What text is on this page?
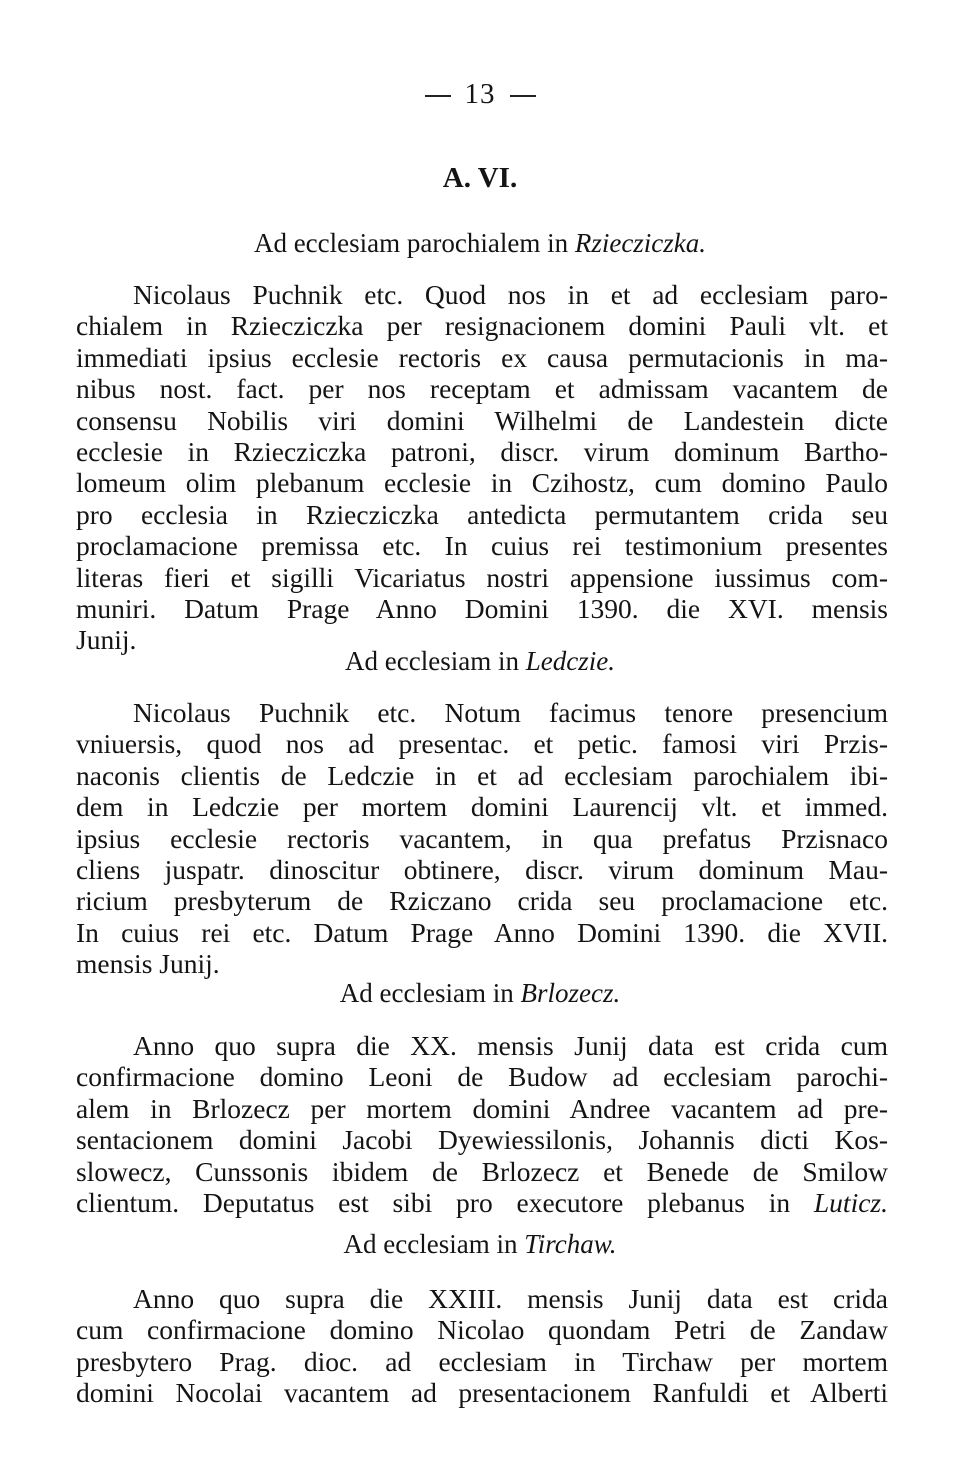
13
A. VI.
Ad ecclesiam parochialem in Rziecziczka.
Nicolaus Puchnik etc. Quod nos in et ad ecclesiam paro-
chialem in Rziecziczka per resignacionem domini Pauli vlt. et
immediati ipsius ecclesie rectoris ex causa permutacionis in ma-
nibus nost. fact. per nos receptam et admissam vacantem de
consensu Nobilis viri domini Wilhelmi de Landestein dicte
ecclesie in Rziecziczka patroni, discr. virum dominum Bartho-
lomeum olim plebanum ecclesie in Czihostz, cum domino Paulo
pro ecclesia in Rziecziczka antedicta permutantem crida seu
proclamacione premissa etc. In cuius rei testimonium presentes
literas fieri et sigilli Vicariatus nostri appensione iussimus com-
muniri. Datum Prage Anno Domini 1390. die XVI. mensis
Junij.
Ad ecclesiam in Ledczie.
Nicolaus Puchnik etc. Notum facimus tenore presencium
vniuersis, quod nos ad presentac. et petic. famosi viri Przis-
naconis clientis de Ledczie in et ad ecclesiam parochialem ibi-
dem in Ledczie per mortem domini Laurencij vlt. et immed.
ipsius ecclesie rectoris vacantem, in qua prefatus Przisnaco
cliens juspatr. dinoscitur obtinere, discr. virum dominum Mau-
ricium presbyterum de Rziczano crida seu proclamacione etc.
In cuius rei etc. Datum Prage Anno Domini 1390. die XVII.
mensis Junij.
Ad ecclesiam in Brlozecz.
Anno quo supra die XX. mensis Junij data est crida cum
confirmacione domino Leoni de Budow ad ecclesiam parochi-
alem in Brlozecz per mortem domini Andree vacantem ad pre-
sentacionem domini Jacobi Dyewiessilonis, Johannis dicti Kos-
slowecz, Cunssonis ibidem de Brlozecz et Benede de Smilow
clientum. Deputatus est sibi pro executore plebanus in Luticz.
Ad ecclesiam in Tirchaw.
Anno quo supra die XXIII. mensis Junij data est crida
cum confirmacione domino Nicolao quondam Petri de Zandaw
presbytero Prag. dioc. ad ecclesiam in Tirchaw per mortem
domini Nocolai vacantem ad presentacionem Ranfuldi et Alberti
